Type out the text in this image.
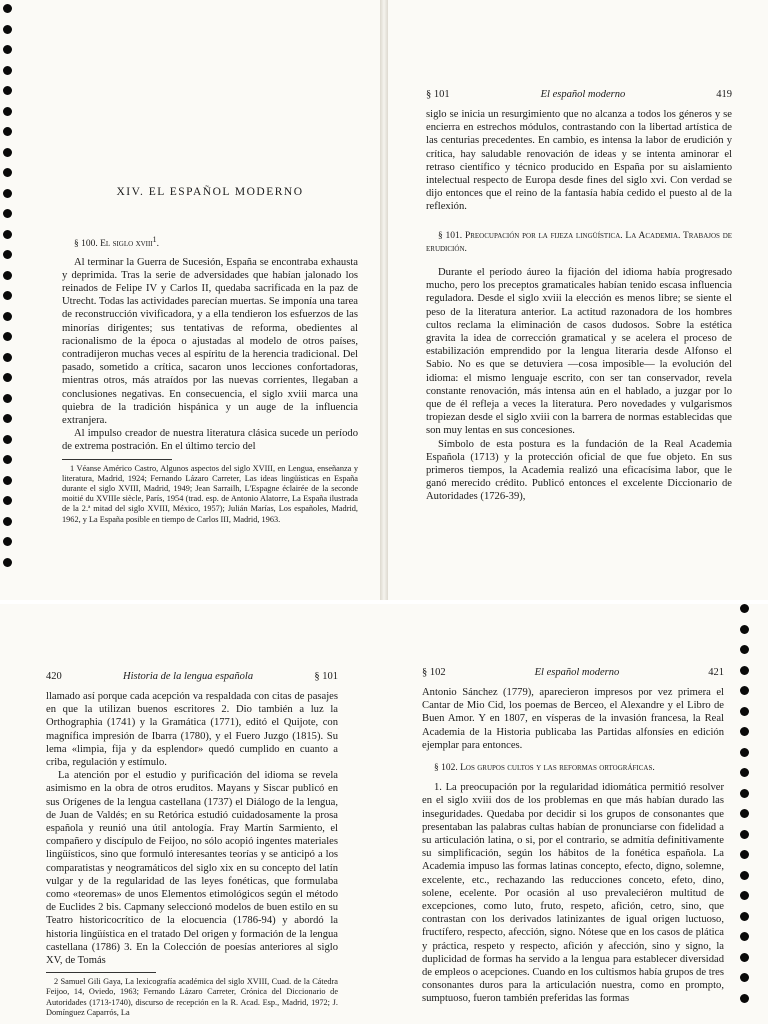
XIV. EL ESPAÑOL MODERNO

§ 100. El siglo xviii$^1$.

Al terminar la Guerra de Sucesión, España se encontraba exhausta y deprimida. Tras la serie de adversidades que habían jalonado los reinados de Felipe IV y Carlos II, quedaba sacrificada en la paz de Utrecht. Todas las actividades parecían muertas. Se imponía una tarea de reconstrucción vivificadora, y a ella tendieron los esfuerzos de las minorías dirigentes; sus tentativas de reforma, obedientes al racionalismo de la época o ajustadas al modelo de otros países, contradijeron muchas veces al espíritu de la herencia tradicional. Del pasado, sometido a crítica, sacaron unos lecciones confortadoras, mientras otros, más atraídos por las nuevas corrientes, llegaban a conclusiones negativas. En consecuencia, el siglo xviii marca una quiebra de la tradición hispánica y un auge de la influencia extranjera.

Al impulso creador de nuestra literatura clásica sucede un período de extrema postración. En el último tercio del

1 Véanse Américo Castro, Algunos aspectos del siglo XVIII, en Lengua, enseñanza y literatura, Madrid, 1924; Fernando Lázaro Carreter, Las ideas lingüísticas en España durante el siglo XVIII, Madrid, 1949; Jean Sarrailh, L'Espagne éclairée de la seconde moitié du XVIIIe siècle, París, 1954 (trad. esp. de Antonio Alatorre, La España ilustrada de la 2.ª mitad del siglo XVIII, México, 1957); Julián Marías, Los españoles, Madrid, 1962, y La España posible en tiempo de Carlos III, Madrid, 1963.

§ 101	El español moderno	419

siglo se inicia un resurgimiento que no alcanza a todos los géneros y se encierra en estrechos módulos, contrastando con la libertad artística de las centurias precedentes. En cambio, es intensa la labor de erudición y crítica, hay saludable renovación de ideas y se intenta aminorar el retraso científico y técnico producido en España por su aislamiento intelectual respecto de Europa desde fines del siglo xvi. Con verdad se dijo entonces que el reino de la fantasía había cedido el puesto al de la reflexión.

§ 101. Preocupación por la fijeza lingüística. La Academia. Trabajos de erudición.

Durante el período áureo la fijación del idioma había progresado mucho, pero los preceptos gramaticales habían tenido escasa influencia reguladora. Desde el siglo xviii la elección es menos libre; se siente el peso de la literatura anterior. La actitud razonadora de los hombres cultos reclama la eliminación de casos dudosos. Sobre la estética gravita la idea de corrección gramatical y se acelera el proceso de estabilización emprendido por la lengua literaria desde Alfonso el Sabio. No es que se detuviera —cosa imposible— la evolución del idioma: el mismo lenguaje escrito, con ser tan conservador, revela constante renovación, más intensa aún en el hablado, a juzgar por lo que de él refleja a veces la literatura. Pero novedades y vulgarismos tropiezan desde el siglo xviii con la barrera de normas establecidas que son muy lentas en sus concesiones.

Símbolo de esta postura es la fundación de la Real Academia Española (1713) y la protección oficial de que fue objeto. En sus primeros tiempos, la Academia realizó una eficacísima labor, que le ganó merecido crédito. Publicó entonces el excelente Diccionario de Autoridades (1726-39),

420	Historia de la lengua española	§ 101

llamado así porque cada acepción va respaldada con citas de pasajes en que la utilizan buenos escritores 2. Dio también a luz la Orthographia (1741) y la Gramática (1771), editó el Quijote, con magnífica impresión de Ibarra (1780), y el Fuero Juzgo (1815). Su lema «limpia, fija y da esplendor» quedó cumplido en cuanto a criba, regulación y estímulo.

La atención por el estudio y purificación del idioma se revela asimismo en la obra de otros eruditos. Mayans y Siscar publicó en sus Orígenes de la lengua castellana (1737) el Diálogo de la lengua, de Juan de Valdés; en su Retórica estudió cuidadosamente la prosa española y reunió una útil antología. Fray Martín Sarmiento, el compañero y discípulo de Feijoo, no sólo acopió ingentes materiales lingüísticos, sino que formuló interesantes teorías y se anticipó a los comparatistas y neogramáticos del siglo xix en su concepto del latín vulgar y de la regularidad de las leyes fonéticas, que formulaba como «teoremas» de unos Elementos etimológicos según el método de Euclides 2 bis. Capmany seleccionó modelos de buen estilo en su Teatro historicocrítico de la elocuencia (1786-94) y abordó la historia lingüística en el tratado Del origen y formación de la lengua castellana (1786) 3. En la Colección de poesías anteriores al siglo XV, de Tomás

2 Samuel Gili Gaya, La lexicografía académica del siglo XVIII, Cuad. de la Cátedra Feijoo, 14, Oviedo, 1963; Fernando Lázaro Carreter, Crónica del Diccionario de Autoridades (1713-1740), discurso de recepción en la R. Acad. Esp., Madrid, 1972; J. Domínguez Caparrós, La

§ 102	El español moderno	421

Antonio Sánchez (1779), aparecieron impresos por vez primera el Cantar de Mio Cid, los poemas de Berceo, el Alexandre y el Libro de Buen Amor. Y en 1807, en vísperas de la invasión francesa, la Real Academia de la Historia publicaba las Partidas alfonsíes en edición ejemplar para entonces.

§ 102. Los grupos cultos y las reformas ortográficas.

1. La preocupación por la regularidad idiomática permitió resolver en el siglo xviii dos de los problemas en que más habían durado las inseguridades. Quedaba por decidir si los grupos de consonantes que presentaban las palabras cultas habían de pronunciarse con fidelidad a su articulación latina, o si, por el contrario, se admitía definitivamente su simplificación, según los hábitos de la fonética española. La Academia impuso las formas latinas concepto, efecto, digno, solemne, excelente, etc., rechazando las reducciones conceto, efeto, dino, solene, ecelente. Por ocasión al uso prevaleciéron multitud de excepciones, como luto, fruto, respeto, afición, cetro, sino, que contrastan con los derivados latinizantes de igual origen luctuoso, fructífero, respecto, afección, signo. Nótese que en los casos de plática y práctica, respeto y respecto, afición y afección, sino y signo, la duplicidad de formas ha servido a la lengua para establecer diversidad de empleos o acepciones. Cuando en los cultismos había grupos de tres consonantes duros para la articulación nuestra, como en prompto, sumptuoso, fueron también preferidas las formas
